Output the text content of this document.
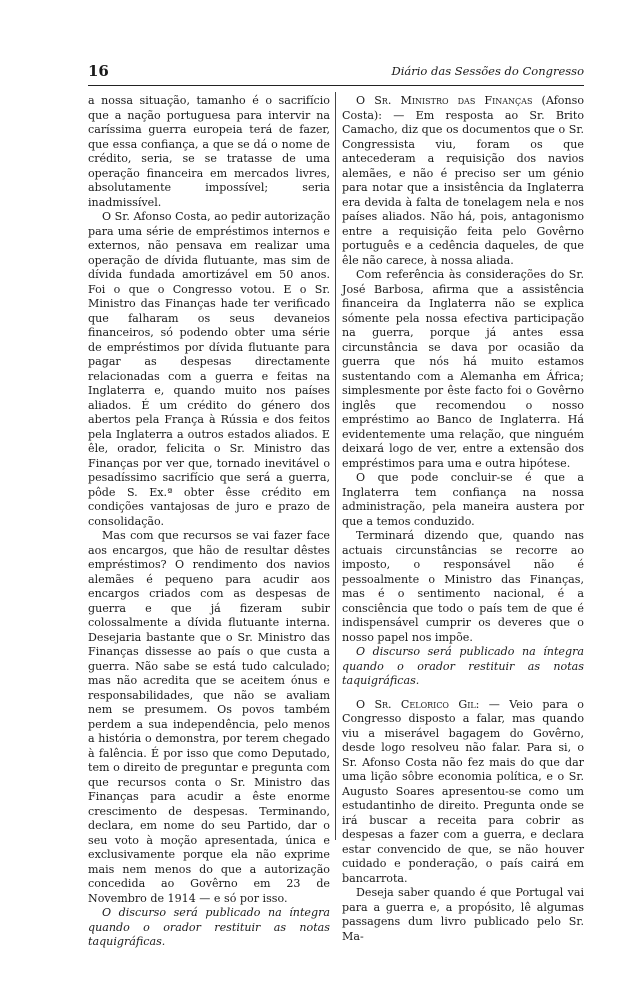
16	Diário das Sessões do Congresso

a nossa situação, tamanho é o sacrifício que a nação portuguesa para intervir na caríssima guerra europeia terá de fazer, que essa confiança, a que se dá o nome de crédito, seria, se se tratasse de uma operação financeira em mercados livres, absolutamente impossível; seria inadmissível.

O Sr. Afonso Costa, ao pedir autorização para uma série de empréstimos internos e externos, não pensava em realizar uma operação de dívida flutuante, mas sim de dívida fundada amortizável em 50 anos. Foi o que o Congresso votou. E o Sr. Ministro das Finanças hade ter verificado que falharam os seus devaneios financeiros, só podendo obter uma série de empréstimos por dívida flutuante para pagar as despesas directamente relacionadas com a guerra e feitas na Inglaterra e, quando muito nos países aliados. É um crédito do género dos abertos pela França à Rússia e dos feitos pela Inglaterra a outros estados aliados. E êle, orador, felicita o Sr. Ministro das Finanças por ver que, tornado inevitável o pesadíssimo sacrifício que será a guerra, pôde S. Ex.ª obter êsse crédito em condições vantajosas de juro e prazo de consolidação.

Mas com que recursos se vai fazer face aos encargos, que hão de resultar dêstes empréstimos? O rendimento dos navios alemães é pequeno para acudir aos encargos criados com as despesas de guerra e que já fizeram subir colossalmente a dívida flutuante interna. Desejaria bastante que o Sr. Ministro das Finanças dissesse ao país o que custa a guerra. Não sabe se está tudo calculado; mas não acredita que se aceitem ónus e responsabilidades, que não se avaliam nem se presumem. Os povos também perdem a sua independência, pelo menos a história o demonstra, por terem chegado à falência. É por isso que como Deputado, tem o direito de preguntar e pregunta com que recursos conta o Sr. Ministro das Finanças para acudir a êste enorme crescimento de despesas. Terminando, declara, em nome do seu Partido, dar o seu voto à moção apresentada, única e exclusivamente porque ela não exprime mais nem menos do que a autorização concedida ao Govêrno em 23 de Novembro de 1914 — e só por isso.

O discurso será publicado na íntegra quando o orador restituir as notas taquigráficas.

O Sr. Ministro das Finanças (Afonso Costa): — Em resposta ao Sr. Brito Camacho, diz que os documentos que o Sr. Congressista viu, foram os que antecederam a requisição dos navios alemães, e não é preciso ser um génio para notar que a insistência da Inglaterra era devida à falta de tonelagem nela e nos países aliados. Não há, pois, antagonismo entre a requisição feita pelo Govêrno português e a cedência daqueles, de que êle não carece, à nossa aliada.

Com referência às considerações do Sr. José Barbosa, afirma que a assistência financeira da Inglaterra não se explica sómente pela nossa efectiva participação na guerra, porque já antes essa circunstância se dava por ocasião da guerra que nós há muito estamos sustentando com a Alemanha em África; simplesmente por êste facto foi o Govêrno inglês que recomendou o nosso empréstimo ao Banco de Inglaterra. Há evidentemente uma relação, que ninguém deixará logo de ver, entre a extensão dos empréstimos para uma e outra hipótese.

O que pode concluir-se é que a Inglaterra tem confiança na nossa administração, pela maneira austera por que a temos conduzido.

Terminará dizendo que, quando nas actuais circunstâncias se recorre ao imposto, o responsável não é pessoalmente o Ministro das Finanças, mas é o sentimento nacional, é a consciência que todo o país tem de que é indispensável cumprir os deveres que o nosso papel nos impõe.

O discurso será publicado na íntegra quando o orador restituir as notas taquigráficas.

O Sr. Celorico Gil: — Veio para o Congresso disposto a falar, mas quando viu a miserável bagagem do Govêrno, desde logo resolveu não falar. Para si, o Sr. Afonso Costa não fez mais do que dar uma lição sôbre economia política, e o Sr. Augusto Soares apresentou-se como um estudantinho de direito. Pregunta onde se irá buscar a receita para cobrir as despesas a fazer com a guerra, e declara estar convencido de que, se não houver cuidado e ponderação, o país cairá em bancarrota.

Deseja saber quando é que Portugal vai para a guerra e, a propósito, lê algumas passagens dum livro publicado pelo Sr. Ma-
